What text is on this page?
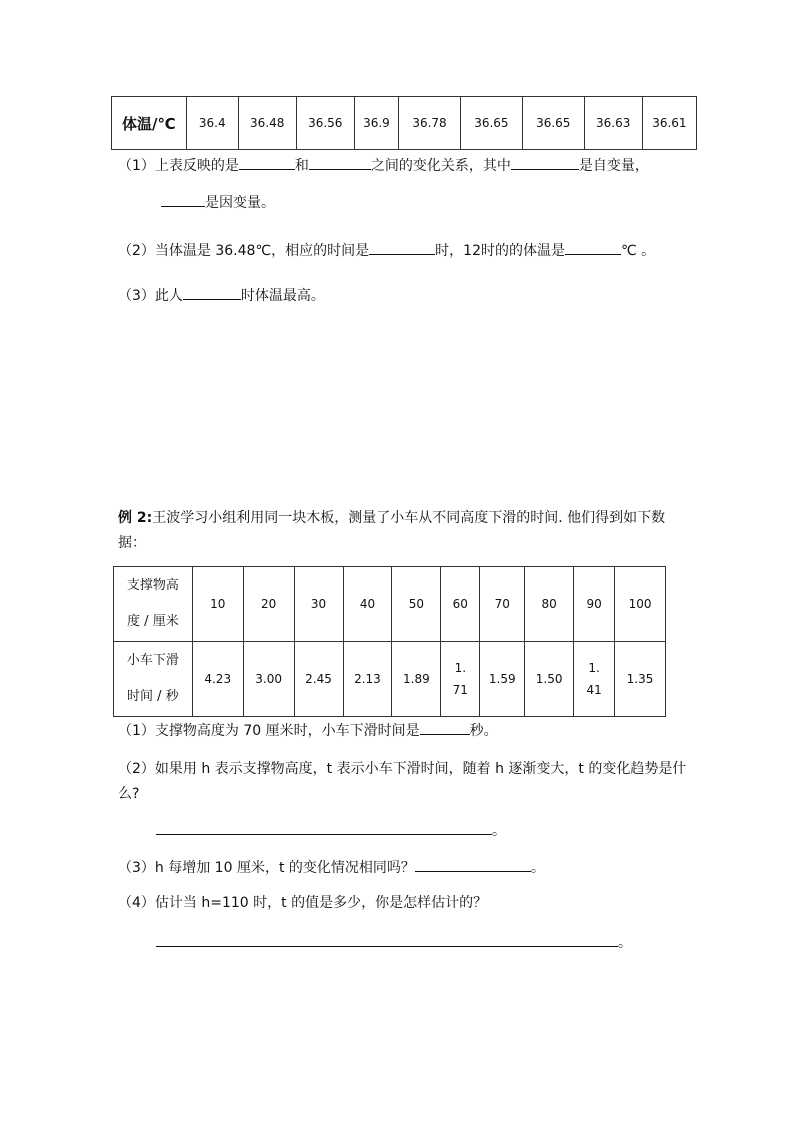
体温/℃	36.4	36.48	36.56	36.9	36.78	36.65	36.65	36.63	36.61
（1）上表反映的是	和	之间的变化关系，其中	是自变量，
是因变量。
（2）当体温是 36.48℃，相应的时间是	时，12时的的体温是	℃ 。
（3）此人	时体温最高。
例 2:王波学习小组利用同一块木板，测量了小车从不同高度下滑的时间. 他们得到如下数
据：
支撑物高
度 / 厘米	10	20	30	40	50	60	70	80	90	100

小车下滑
时间 / 秒	4.23	3.00	2.45	2.13	1.89	1.71	1.59	1.50	1.41	1.35
（1）支撑物高度为 70 厘米时，小车下滑时间是	秒。
（2）如果用 h 表示支撑物高度，t 表示小车下滑时间，随着 h 逐渐变大，t 的变化趋势是什
么?
。
（3）h 每增加 10 厘米，t 的变化情况相同吗？	。
（4）估计当 h=110 时，t 的值是多少，你是怎样估计的？
。
